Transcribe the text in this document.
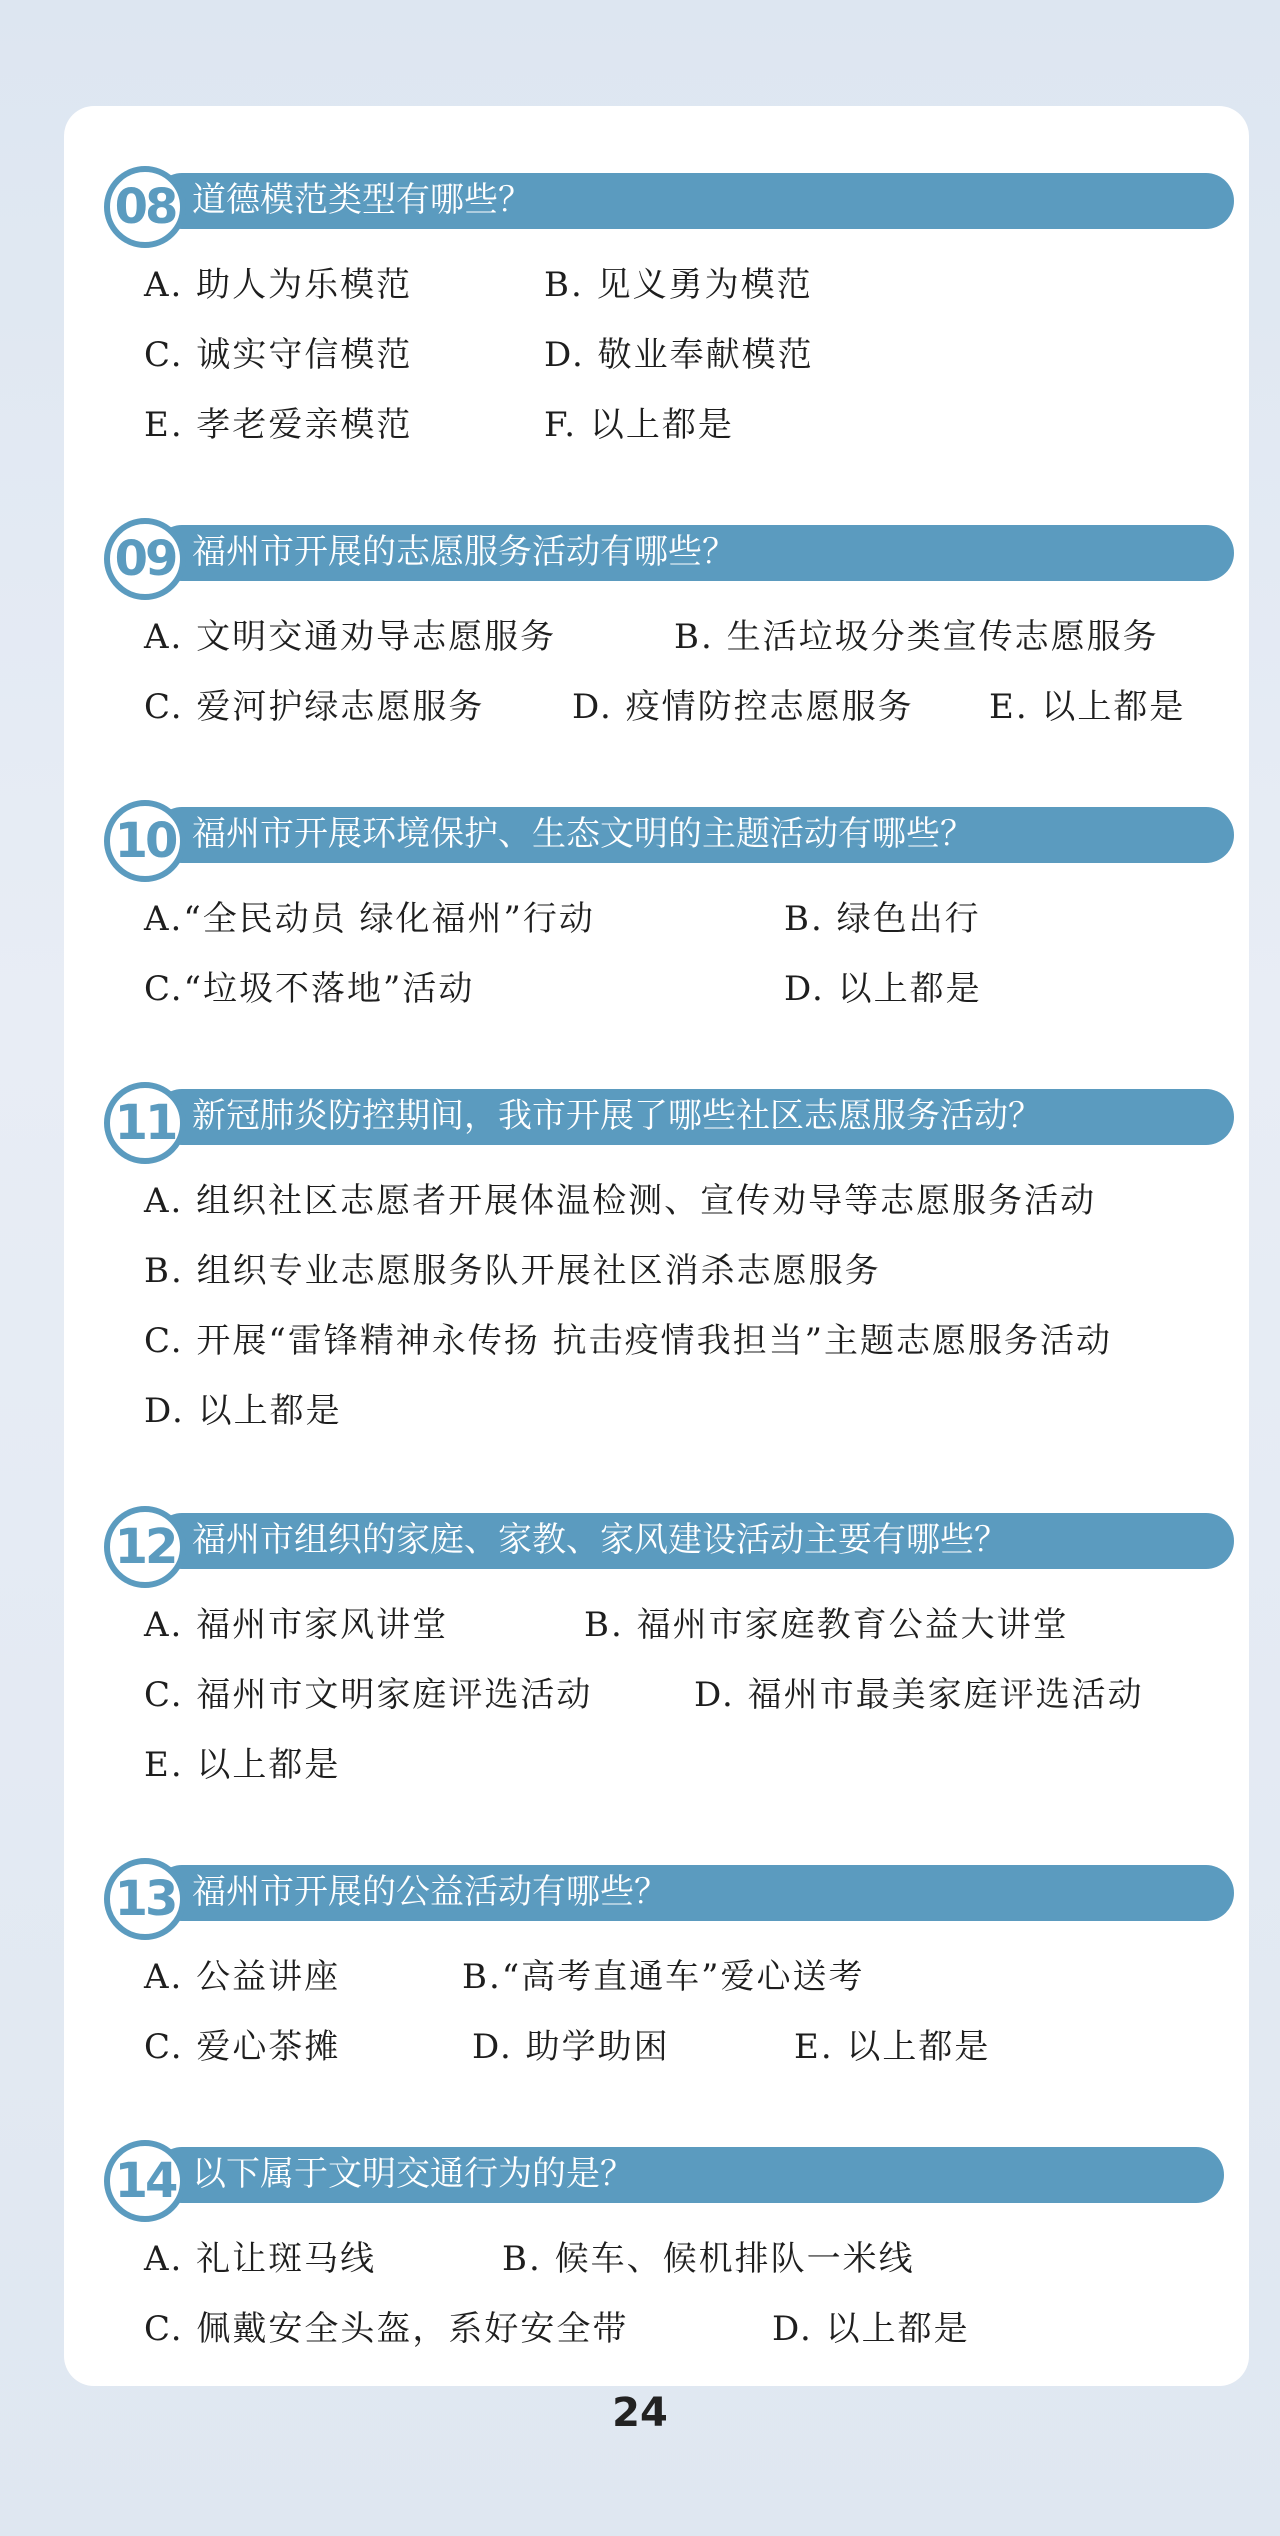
道德模范类型有哪些？
08
A. 助人为乐模范	B. 见义勇为模范
C. 诚实守信模范	D. 敬业奉献模范
E. 孝老爱亲模范	F. 以上都是
福州市开展的志愿服务活动有哪些？
09
A. 文明交通劝导志愿服务	B. 生活垃圾分类宣传志愿服务
C. 爱河护绿志愿服务	D. 疫情防控志愿服务 E. 以上都是
福州市开展环境保护、生态文明的主题活动有哪些？
10
A.“全民动员 绿化福州”行动	B. 绿色出行
C.“垃圾不落地”活动	D. 以上都是
新冠肺炎防控期间，我市开展了哪些社区志愿服务活动？
11
A. 组织社区志愿者开展体温检测、宣传劝导等志愿服务活动
B. 组织专业志愿服务队开展社区消杀志愿服务
C. 开展“雷锋精神永传扬 抗击疫情我担当”主题志愿服务活动
D. 以上都是
福州市组织的家庭、家教、家风建设活动主要有哪些？
12
A. 福州市家风讲堂	B. 福州市家庭教育公益大讲堂
C. 福州市文明家庭评选活动	D. 福州市最美家庭评选活动
E. 以上都是
福州市开展的公益活动有哪些？
13
A. 公益讲座	B.“高考直通车”爱心送考
C. 爱心茶摊	D. 助学助困	E. 以上都是
以下属于文明交通行为的是？
14
A. 礼让斑马线	B. 候车、候机排队一米线
C. 佩戴安全头盔，系好安全带	D. 以上都是
24
